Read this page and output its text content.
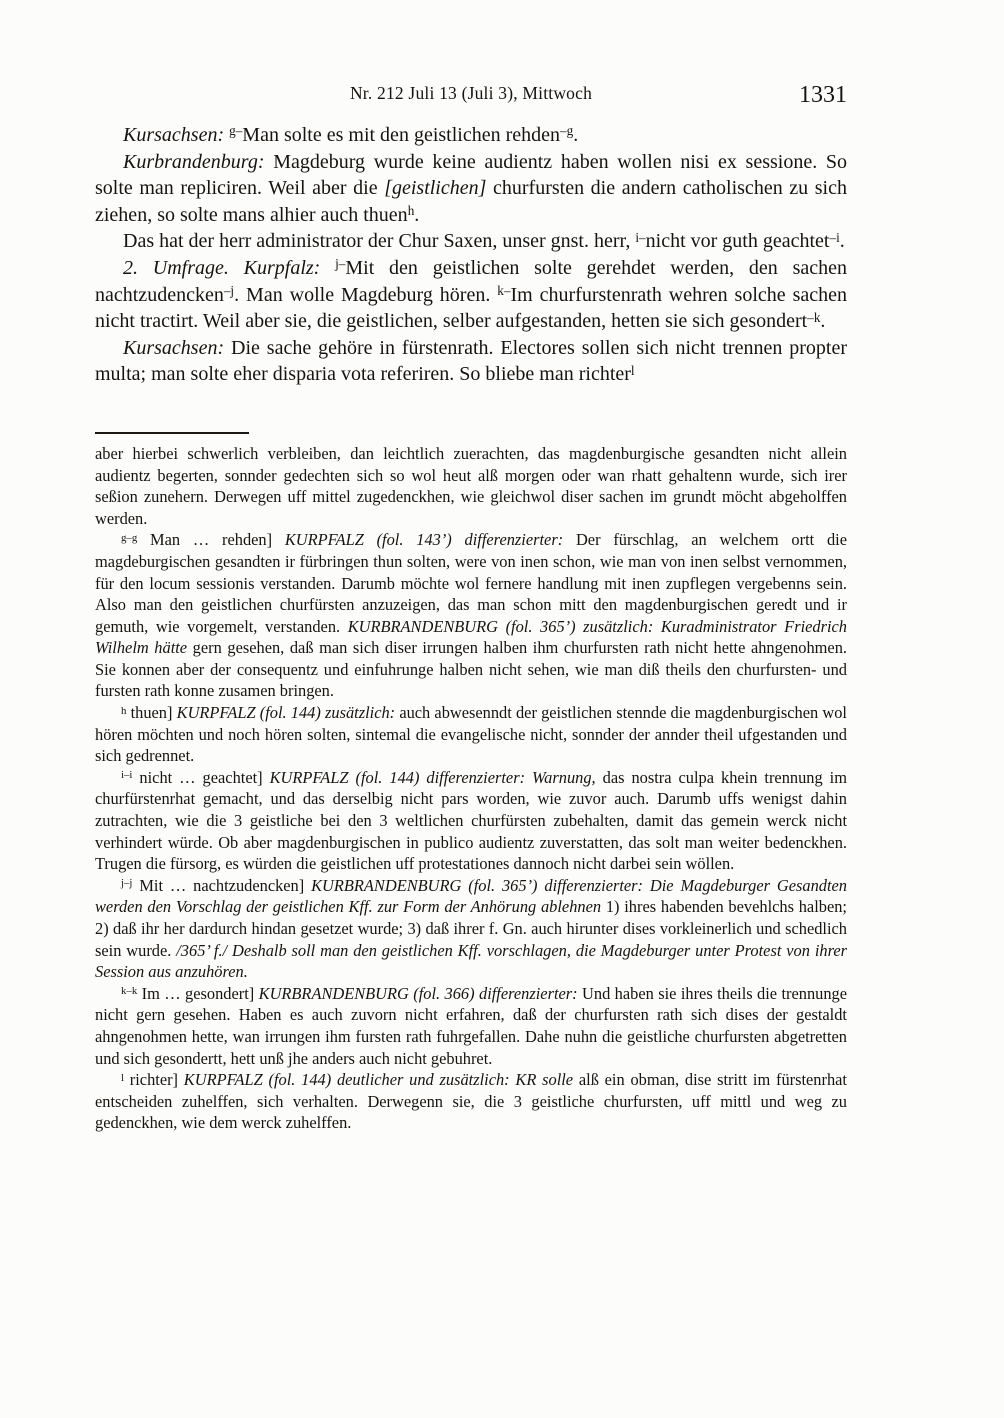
Nr. 212 Juli 13 (Juli 3), Mittwoch	1331

Kursachsen: $^{g-}$Man solte es mit den geistlichen rehden$^{-g}$.

Kurbrandenburg: Magdeburg wurde keine audientz haben wollen nisi ex sessione. So solte man repliciren. Weil aber die [geistlichen] churfursten die andern catholischen zu sich ziehen, so solte mans alhier auch thuen$^h$.

Das hat der herr administrator der Chur Saxen, unser gnst. herr, $^{i-}$nicht vor guth geachtet$^{-i}$.

2. Umfrage. Kurpfalz: $^{j-}$Mit den geistlichen solte gerehdet werden, den sachen nachtzudencken$^{-j}$. Man wolle Magdeburg hören. $^{k-}$Im churfurstenrath wehren solche sachen nicht tractirt. Weil aber sie, die geistlichen, selber aufgestanden, hetten sie sich gesondert$^{-k}$.

Kursachsen: Die sache gehöre in fürstenrath. Electores sollen sich nicht trennen propter multa; man solte eher disparia vota referiren. So bliebe man richter$^l$

aber hierbei schwerlich verbleiben, dan leichtlich zuerachten, das magdenburgische gesandten nicht allein audientz begerten, sonnder gedechten sich so wol heut alß morgen oder wan rhatt gehaltenn wurde, sich irer seßion zunehern. Derwegen uff mittel zugedenckhen, wie gleichwol diser sachen im grundt möcht abgeholffen werden.

$^{g-g}$ Man … rehden] KURPFALZ (fol. 143’) differenzierter: Der fürschlag, an welchem ortt die magdeburgischen gesandten ir fürbringen thun solten, were von inen schon, wie man von inen selbst vernommen, für den locum sessionis verstanden. Darumb möchte wol fernere handlung mit inen zupflegen vergebenns sein. Also man den geistlichen churfürsten anzuzeigen, das man schon mitt den magdenburgischen geredt und ir gemuth, wie vorgemelt, verstanden. KURBRANDENBURG (fol. 365’) zusätzlich: Kuradministrator Friedrich Wilhelm hätte gern gesehen, daß man sich diser irrungen halben ihm churfursten rath nicht hette ahngenohmen. Sie konnen aber der consequentz und einfuhrunge halben nicht sehen, wie man diß theils den churfursten- und fursten rath konne zusamen bringen.

$^h$ thuen] KURPFALZ (fol. 144) zusätzlich: auch abwesenndt der geistlichen stennde die magdenburgischen wol hören möchten und noch hören solten, sintemal die evangelische nicht, sonnder der annder theil ufgestanden und sich gedrennet.

$^{i-i}$ nicht … geachtet] KURPFALZ (fol. 144) differenzierter: Warnung, das nostra culpa khein trennung im churfürstenrhat gemacht, und das derselbig nicht pars worden, wie zuvor auch. Darumb uffs wenigst dahin zutrachten, wie die 3 geistliche bei den 3 weltlichen churfürsten zubehalten, damit das gemein werck nicht verhindert würde. Ob aber magdenburgischen in publico audientz zuverstatten, das solt man weiter bedenckhen. Trugen die fürsorg, es würden die geistlichen uff protestationes dannoch nicht darbei sein wöllen.

$^{j-j}$ Mit … nachtzudencken] KURBRANDENBURG (fol. 365’) differenzierter: Die Magdeburger Gesandten werden den Vorschlag der geistlichen Kff. zur Form der Anhörung ablehnen 1) ihres habenden bevehlchs halben; 2) daß ihr her dardurch hindan gesetzet wurde; 3) daß ihrer f. Gn. auch hirunter dises vorkleinerlich und schedlich sein wurde. /365’ f./ Deshalb soll man den geistlichen Kff. vorschlagen, die Magdeburger unter Protest von ihrer Session aus anzuhören.

$^{k-k}$ Im … gesondert] KURBRANDENBURG (fol. 366) differenzierter: Und haben sie ihres theils die trennunge nicht gern gesehen. Haben es auch zuvorn nicht erfahren, daß der churfursten rath sich dises der gestaldt ahngenohmen hette, wan irrungen ihm fursten rath fuhrgefallen. Dahe nuhn die geistliche churfursten abgetretten und sich gesondertt, hett unß jhe anders auch nicht gebuhret.

$^l$ richter] KURPFALZ (fol. 144) deutlicher und zusätzlich: KR solle alß ein obman, dise stritt im fürstenrhat entscheiden zuhelffen, sich verhalten. Derwegenn sie, die 3 geistliche churfursten, uff mittl und weg zu gedenckhen, wie dem werck zuhelffen.
